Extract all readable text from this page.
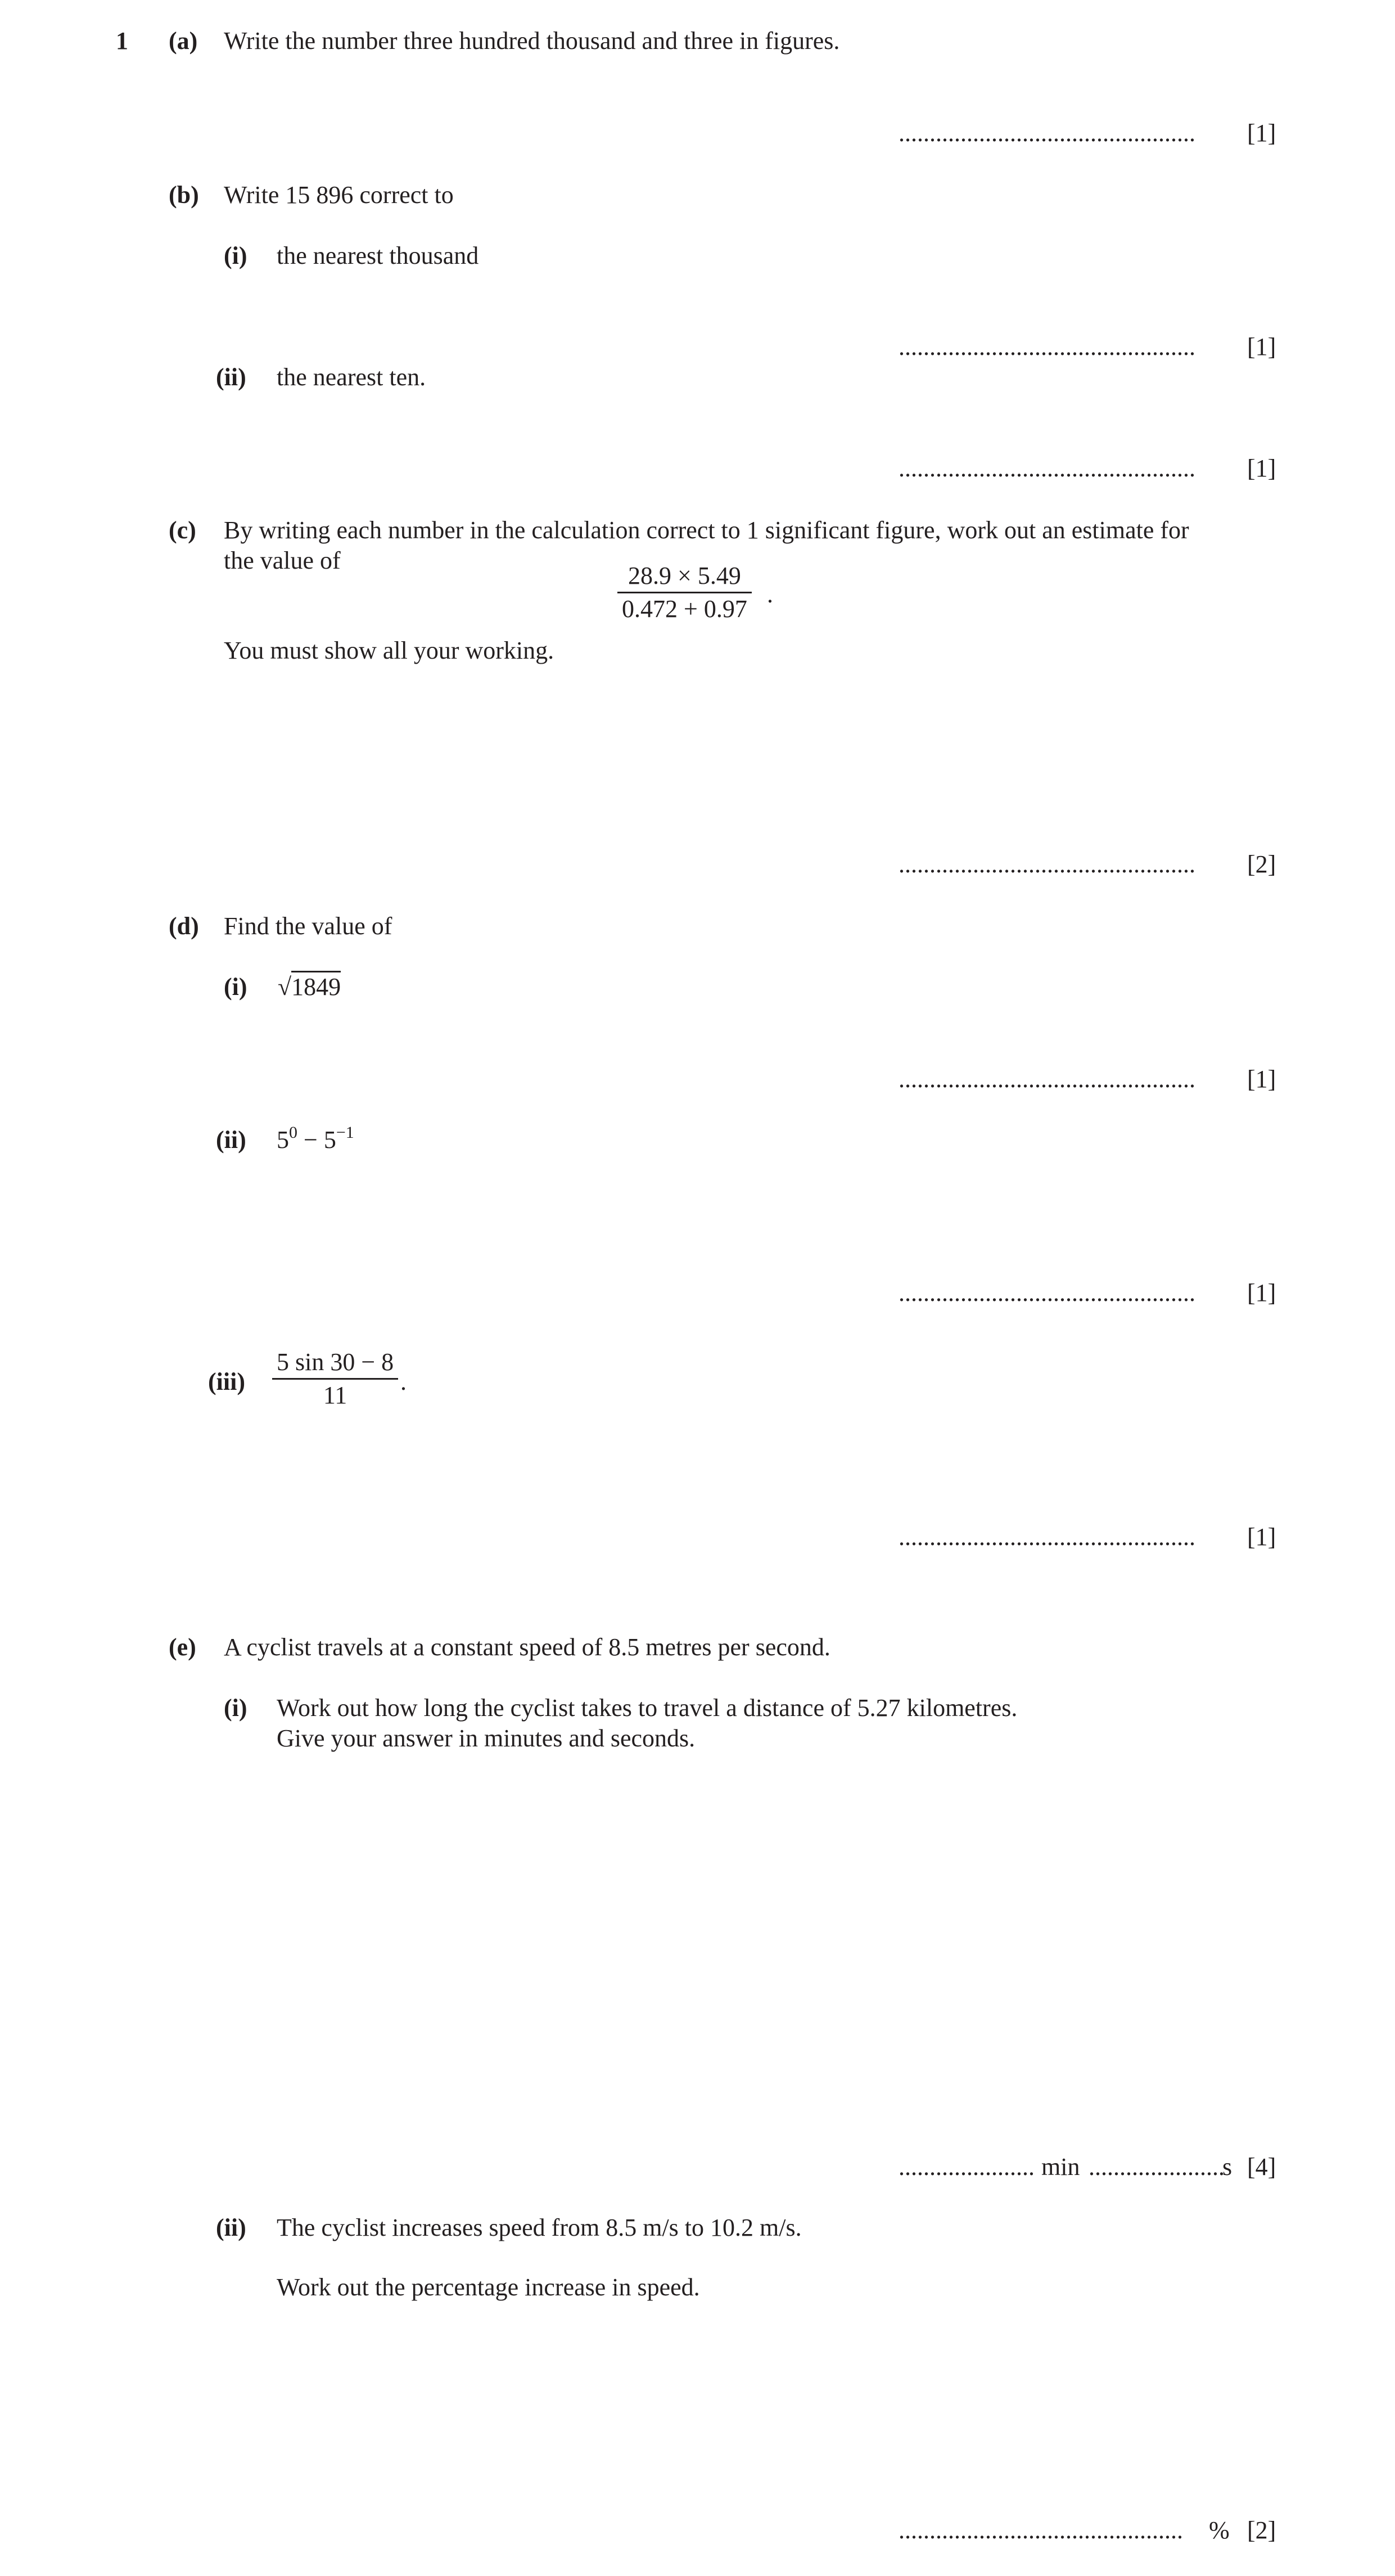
1 (a) Write the number three hundred thousand and three in figures.
................................................ [1]
(b) Write 15 896 correct to
(i) the nearest thousand
................................................ [1]
(ii) the nearest ten.
................................................ [1]
(c) By writing each number in the calculation correct to 1 significant figure, work out an estimate for
the value of
$\frac{28.9 \times 5.49}{0.472 + 0.97}$ .
You must show all your working.
................................................ [2]
(d) Find the value of
(i) √1849
................................................ [1]
(ii) $5^0 - 5^{-1}$
................................................ [1]
$(iii) \frac{5 \sin 30 - 8}{11}$ .
................................................ [1]
(e) A cyclist travels at a constant speed of 8.5 metres per second.
(i) Work out how long the cyclist takes to travel a distance of 5.27 kilometres.
Give your answer in minutes and seconds.
...................... min ......................
s [4]
(ii) The cyclist increases speed from 8.5 m/s to 10.2 m/s.
Work out the percentage increase in speed.
.............................................. % [2]
